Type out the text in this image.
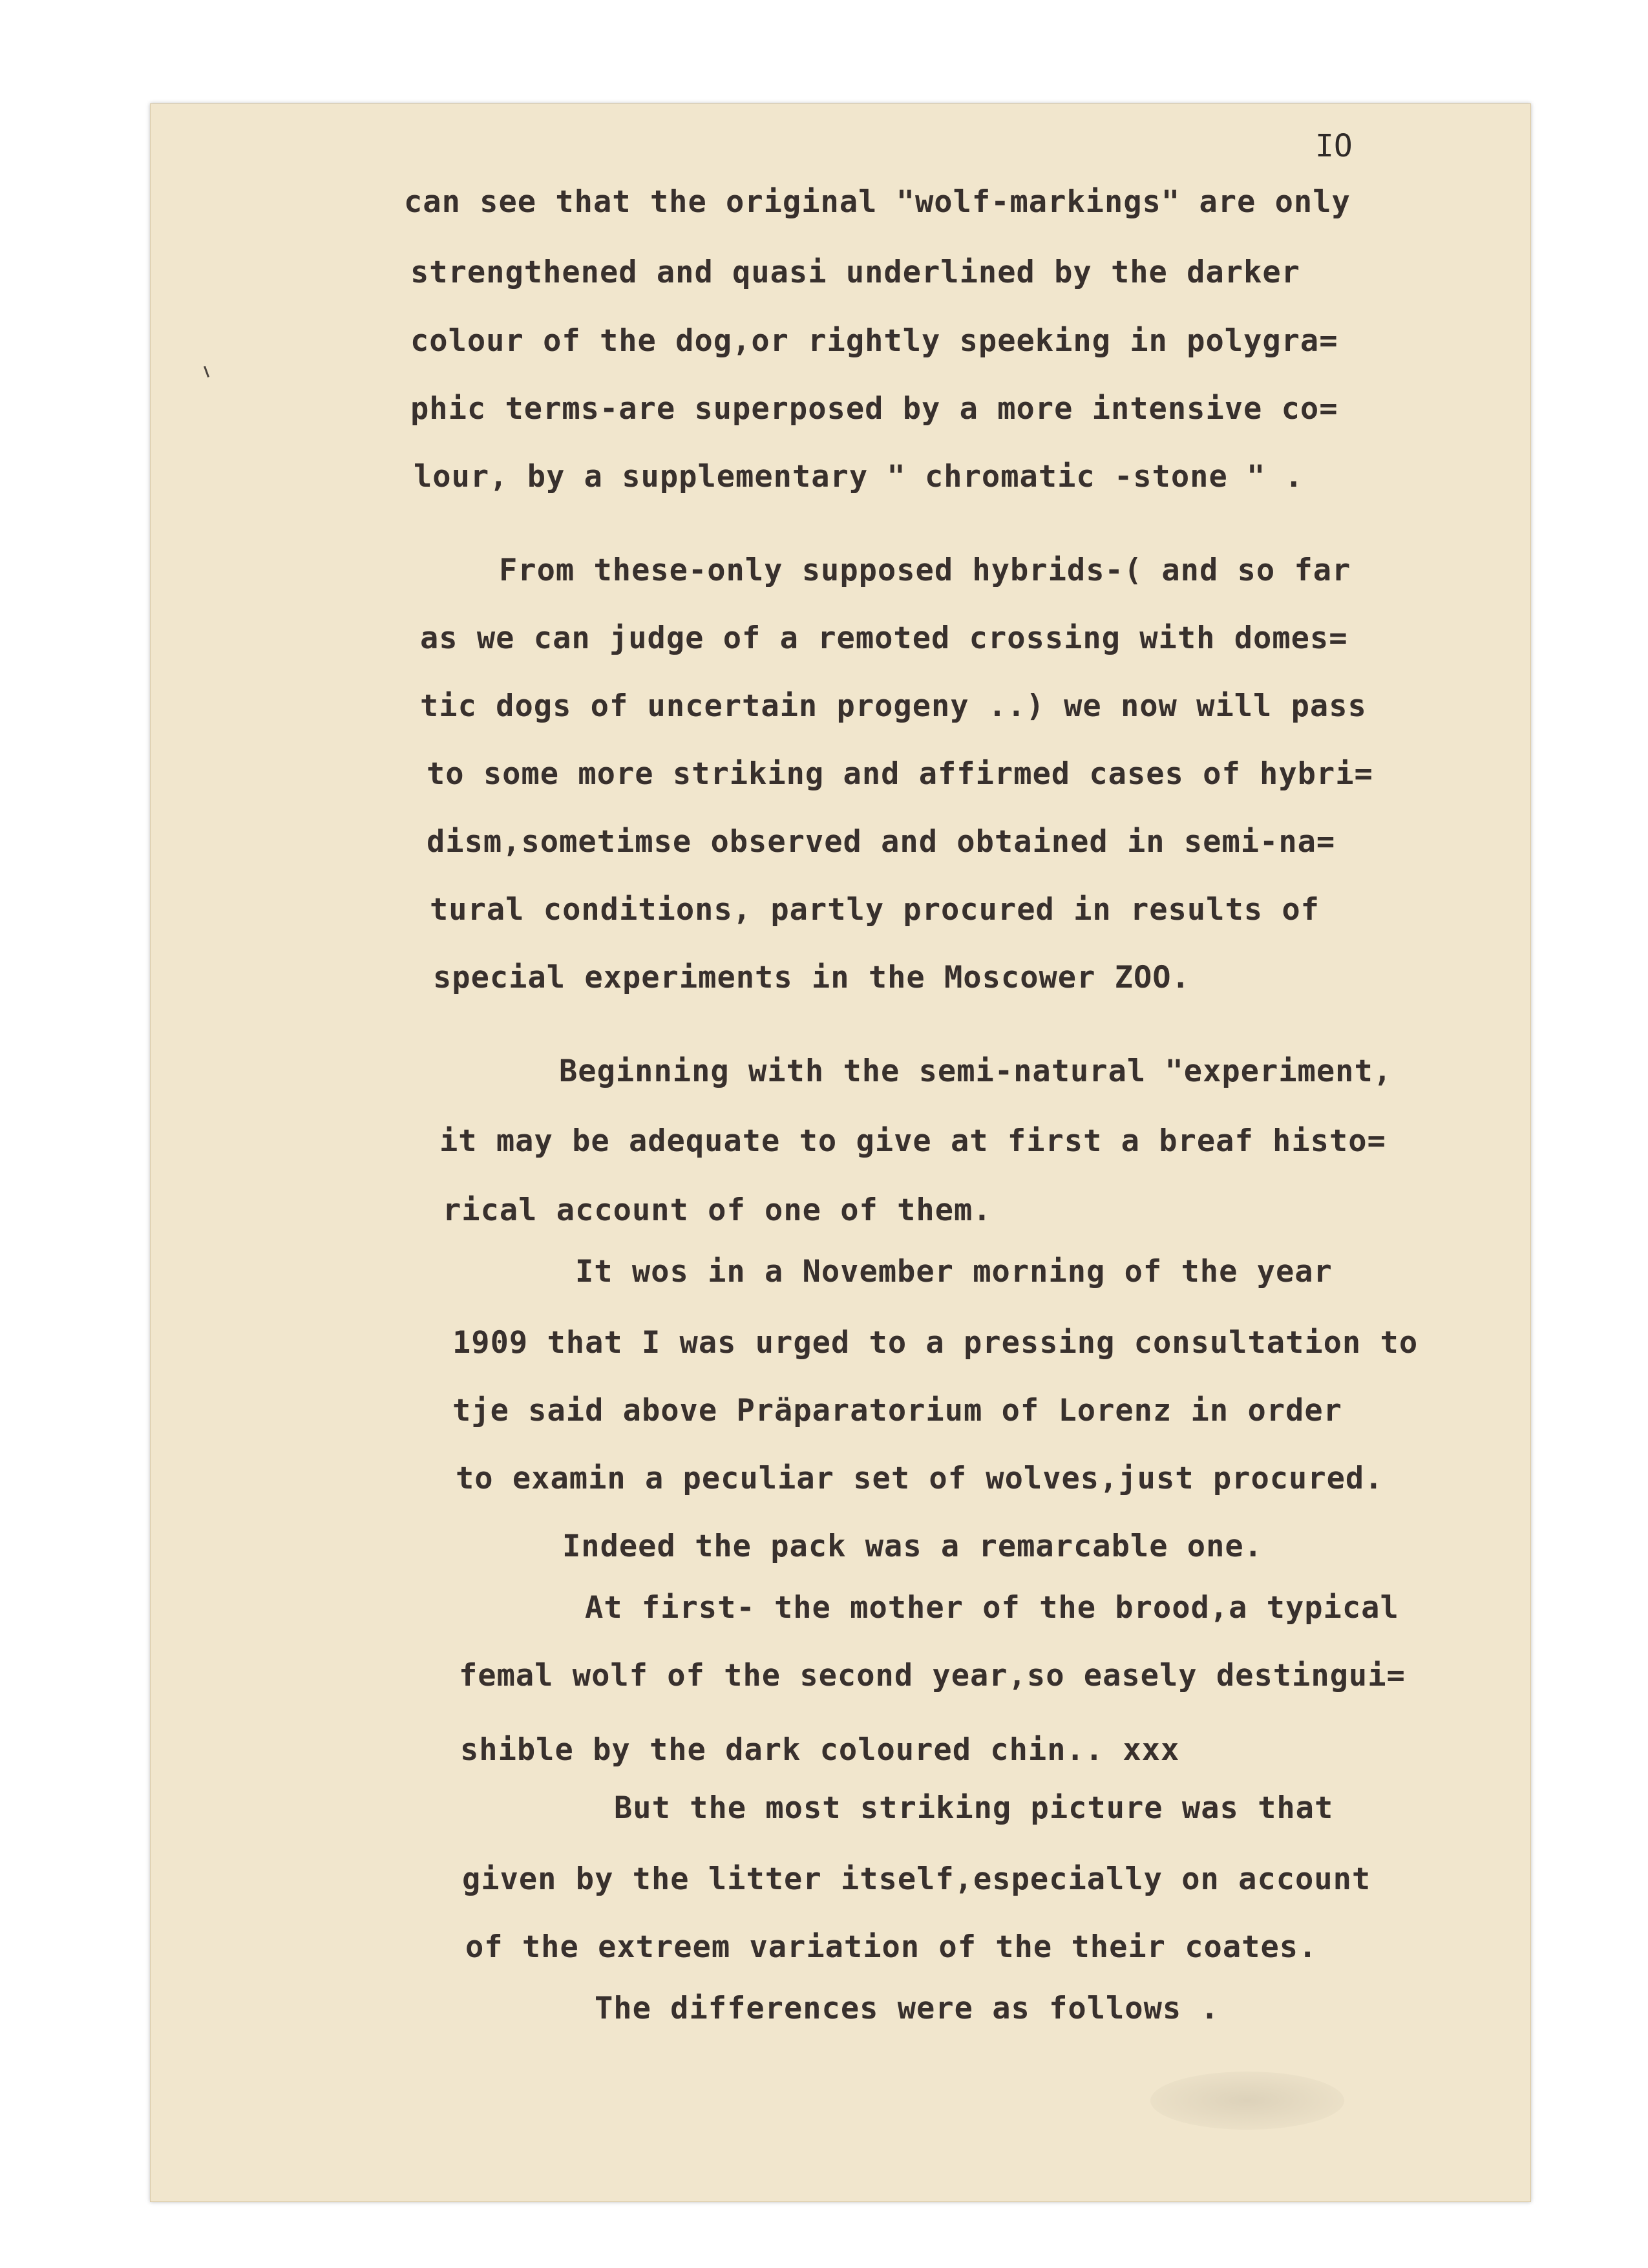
IO
can see that the original "wolf-markings" are only
strengthened and quasi underlined by the darker
colour of the dog,or rightly speeking in polygra=
phic terms-are superposed by a more intensive co=
lour, by a supplementary " chromatic -stone " .
From these-only supposed hybrids-( and so far
as we can judge of a remoted crossing with domes=
tic dogs of uncertain progeny ..) we now will pass
to some more striking and affirmed cases of hybri=
dism,sometimse observed and obtained in semi-na=
tural conditions, partly procured in results of
special experiments in the Moscower ZOO.
Beginning with the semi-natural "experiment,
it may be adequate to give at first a breaf histo=
rical account of one of them.
It wos in a November morning of the year
1909 that I was urged to a pressing consultation to
tje said above Präparatorium of Lorenz in order
to examin a peculiar set of wolves,just procured.
Indeed the pack was a remarcable one.
At first- the mother of the brood,a typical
femal wolf of the second year,so easely destingui=
shible by the dark coloured chin.. xxx
But the most striking picture was that
given by the litter itself,especially on account
of the extreem variation of the their coates.
The differences were as follows .
